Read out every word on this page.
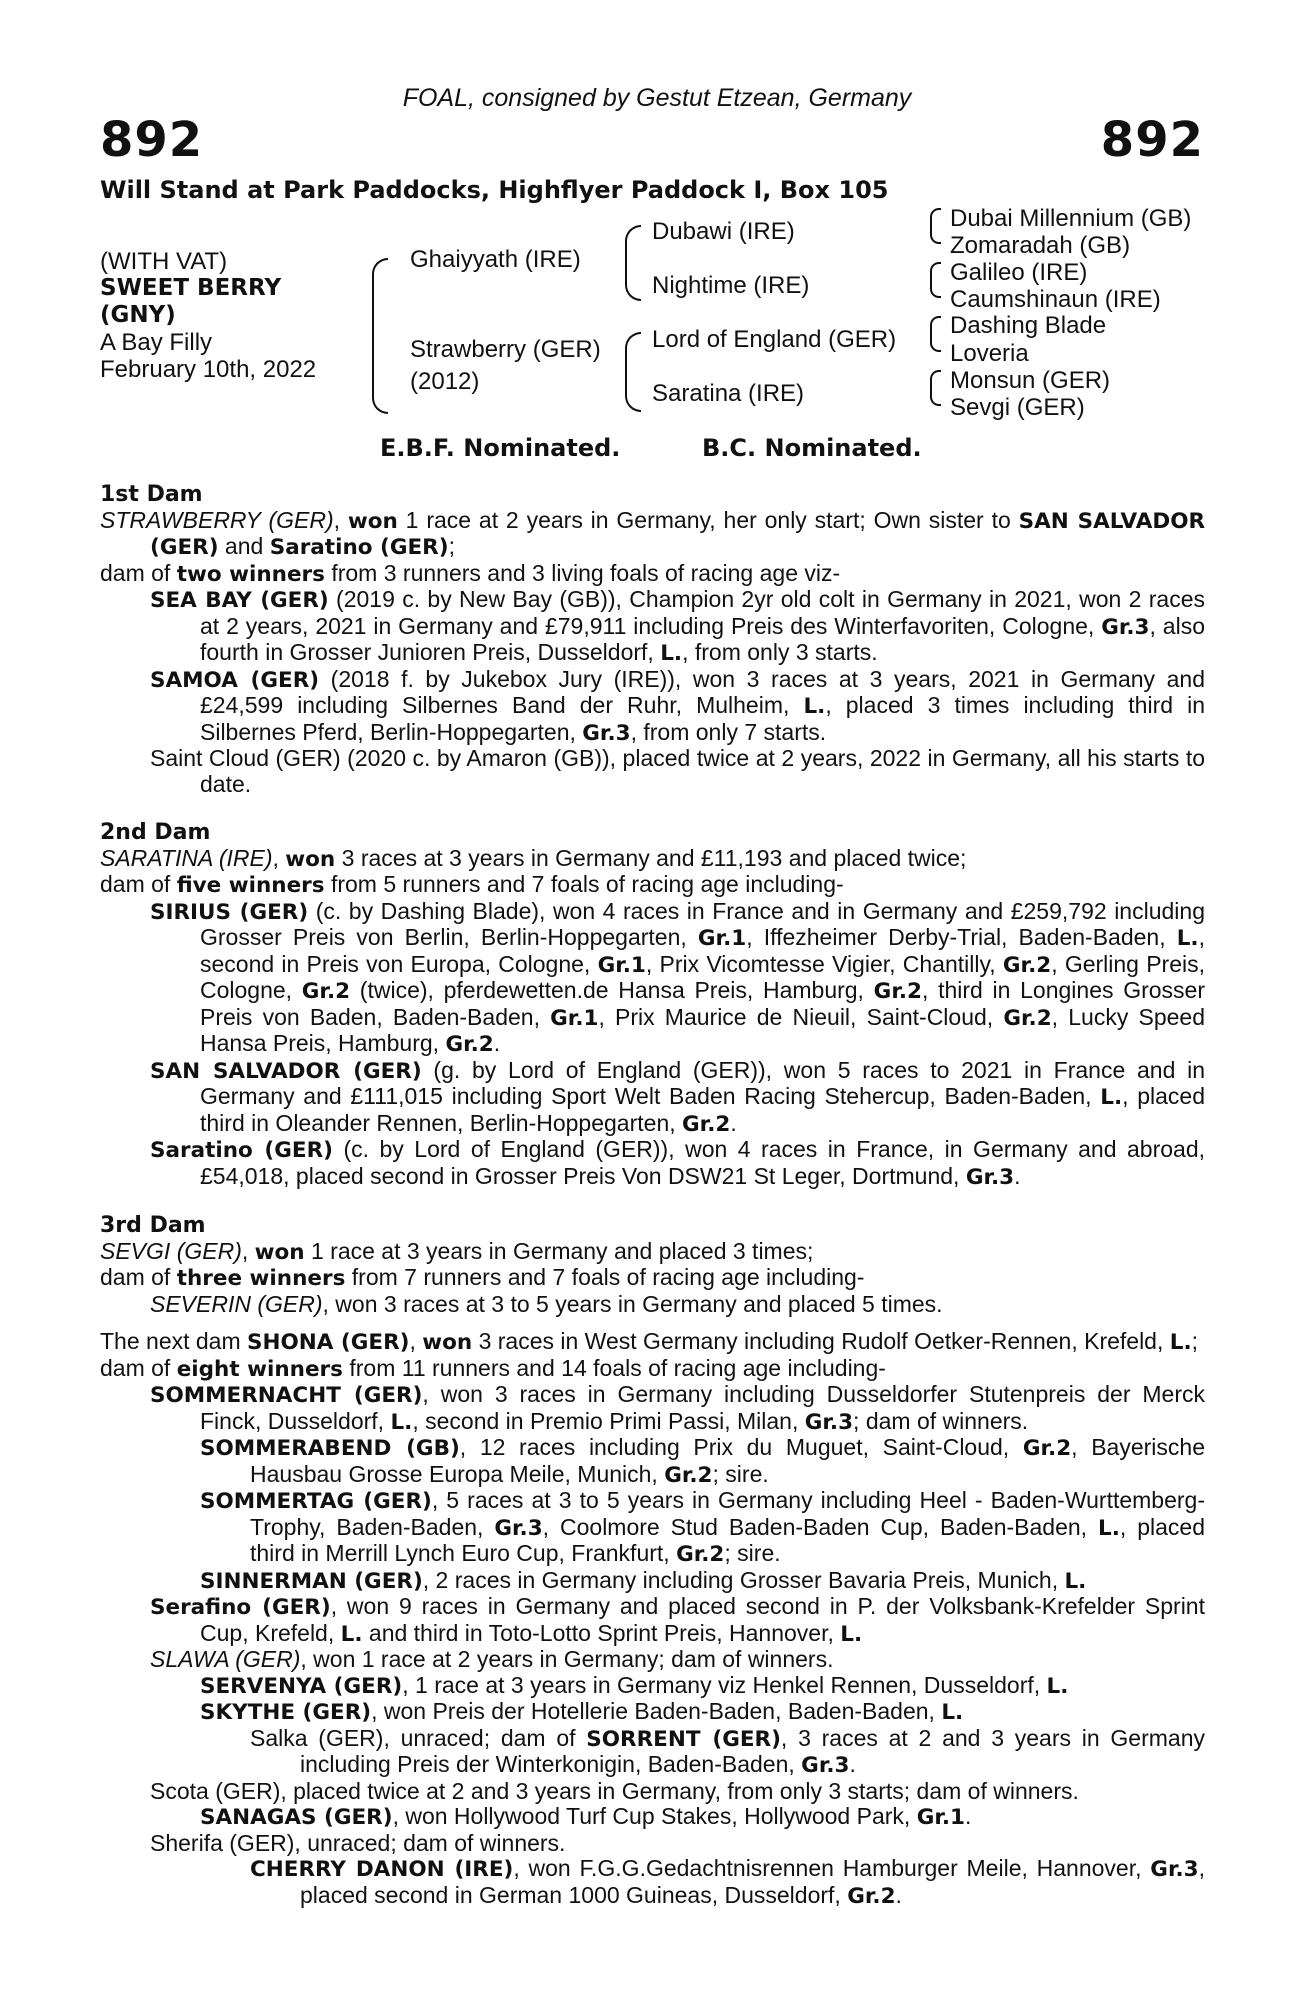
FOAL, consigned by Gestut Etzean, Germany
892	892
Will Stand at Park Paddocks, Highflyer Paddock I, Box 105
(WITH VAT)
SWEET BERRY
(GNY)
A Bay Filly
February 10th, 2022
Ghaiyyath (IRE)
Strawberry (GER)
(2012)
Dubawi (IRE)
Nightime (IRE)
Lord of England (GER)
Saratina (IRE)
Dubai Millennium (GB)
Zomaradah (GB)
Galileo (IRE)
Caumshinaun (IRE)
Dashing Blade
Loveria
Monsun (GER)
Sevgi (GER)
E.B.F. Nominated.	B.C. Nominated.
1st Dam

STRAWBERRY (GER), won 1 race at 2 years in Germany, her only start; Own sister to SAN SALVADOR (GER) and Saratino (GER);

dam of two winners from 3 runners and 3 living foals of racing age viz-

SEA BAY (GER) (2019 c. by New Bay (GB)), Champion 2yr old colt in Germany in 2021, won 2 races at 2 years, 2021 in Germany and £79,911 including Preis des Winterfavoriten, Cologne, Gr.3, also fourth in Grosser Junioren Preis, Dusseldorf, L., from only 3 starts.

SAMOA (GER) (2018 f. by Jukebox Jury (IRE)), won 3 races at 3 years, 2021 in Germany and £24,599 including Silbernes Band der Ruhr, Mulheim, L., placed 3 times including third in Silbernes Pferd, Berlin-Hoppegarten, Gr.3, from only 7 starts.

Saint Cloud (GER) (2020 c. by Amaron (GB)), placed twice at 2 years, 2022 in Germany, all his starts to date.

2nd Dam

SARATINA (IRE), won 3 races at 3 years in Germany and £11,193 and placed twice;

dam of five winners from 5 runners and 7 foals of racing age including-

SIRIUS (GER) (c. by Dashing Blade), won 4 races in France and in Germany and £259,792 including Grosser Preis von Berlin, Berlin-Hoppegarten, Gr.1, Iffezheimer Derby-Trial, Baden-Baden, L., second in Preis von Europa, Cologne, Gr.1, Prix Vicomtesse Vigier, Chantilly, Gr.2, Gerling Preis, Cologne, Gr.2 (twice), pferdewetten.de Hansa Preis, Hamburg, Gr.2, third in Longines Grosser Preis von Baden, Baden-Baden, Gr.1, Prix Maurice de Nieuil, Saint-Cloud, Gr.2, Lucky Speed Hansa Preis, Hamburg, Gr.2.

SAN SALVADOR (GER) (g. by Lord of England (GER)), won 5 races to 2021 in France and in Germany and £111,015 including Sport Welt Baden Racing Stehercup, Baden-Baden, L., placed third in Oleander Rennen, Berlin-Hoppegarten, Gr.2.

Saratino (GER) (c. by Lord of England (GER)), won 4 races in France, in Germany and abroad, £54,018, placed second in Grosser Preis Von DSW21 St Leger, Dortmund, Gr.3.

3rd Dam

SEVGI (GER), won 1 race at 3 years in Germany and placed 3 times;

dam of three winners from 7 runners and 7 foals of racing age including-

SEVERIN (GER), won 3 races at 3 to 5 years in Germany and placed 5 times.

The next dam SHONA (GER), won 3 races in West Germany including Rudolf Oetker-Rennen, Krefeld, L.;

dam of eight winners from 11 runners and 14 foals of racing age including-

SOMMERNACHT (GER), won 3 races in Germany including Dusseldorfer Stutenpreis der Merck Finck, Dusseldorf, L., second in Premio Primi Passi, Milan, Gr.3; dam of winners.

SOMMERABEND (GB), 12 races including Prix du Muguet, Saint-Cloud, Gr.2, Bayerische Hausbau Grosse Europa Meile, Munich, Gr.2; sire.

SOMMERTAG (GER), 5 races at 3 to 5 years in Germany including Heel - Baden-Wurttemberg-Trophy, Baden-Baden, Gr.3, Coolmore Stud Baden-Baden Cup, Baden-Baden, L., placed third in Merrill Lynch Euro Cup, Frankfurt, Gr.2; sire.

SINNERMAN (GER), 2 races in Germany including Grosser Bavaria Preis, Munich, L.

Serafino (GER), won 9 races in Germany and placed second in P. der Volksbank-Krefelder Sprint Cup, Krefeld, L. and third in Toto-Lotto Sprint Preis, Hannover, L.

SLAWA (GER), won 1 race at 2 years in Germany; dam of winners.

SERVENYA (GER), 1 race at 3 years in Germany viz Henkel Rennen, Dusseldorf, L.

SKYTHE (GER), won Preis der Hotellerie Baden-Baden, Baden-Baden, L.

Salka (GER), unraced; dam of SORRENT (GER), 3 races at 2 and 3 years in Germany including Preis der Winterkonigin, Baden-Baden, Gr.3.

Scota (GER), placed twice at 2 and 3 years in Germany, from only 3 starts; dam of winners.

SANAGAS (GER), won Hollywood Turf Cup Stakes, Hollywood Park, Gr.1.

Sherifa (GER), unraced; dam of winners.

CHERRY DANON (IRE), won F.G.G.Gedachtnisrennen Hamburger Meile, Hannover, Gr.3, placed second in German 1000 Guineas, Dusseldorf, Gr.2.
